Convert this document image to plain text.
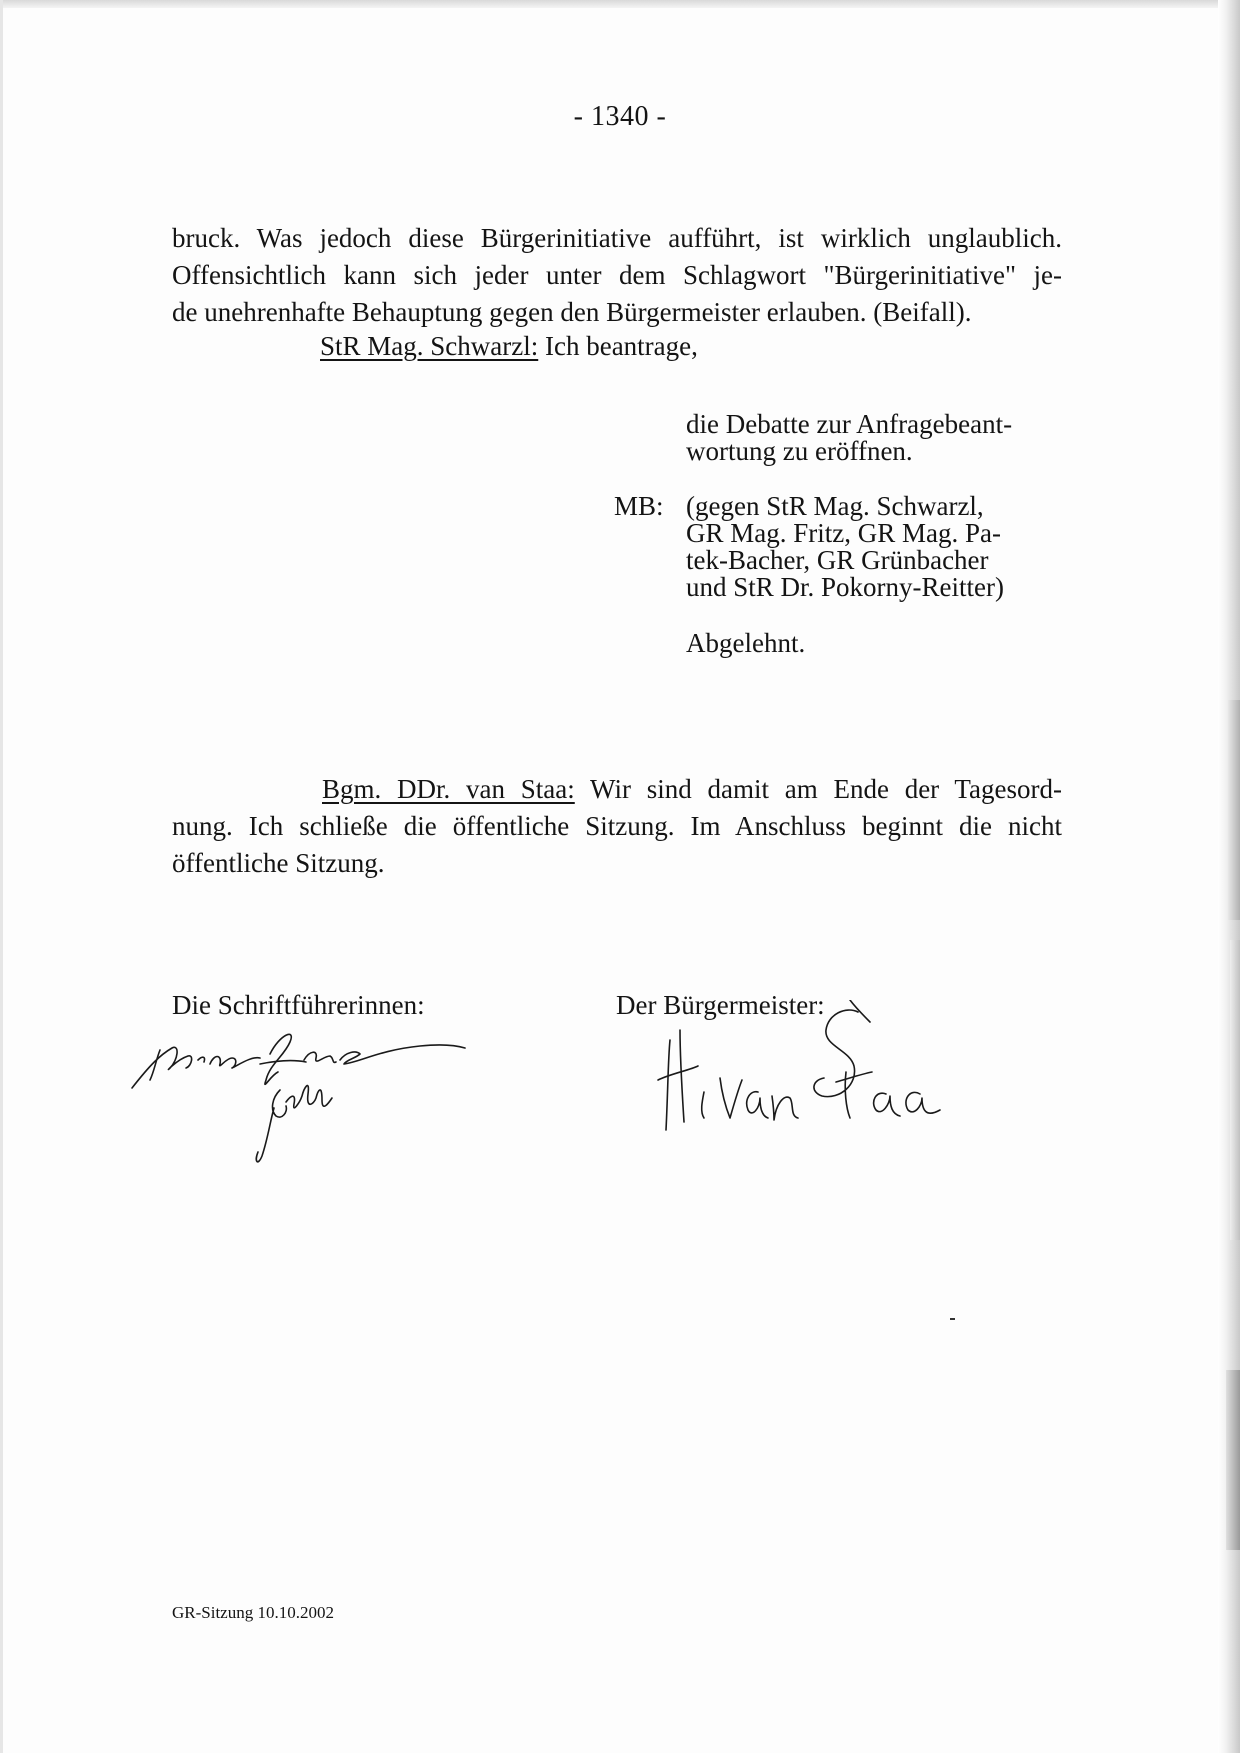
- 1340 -
bruck. Was jedoch diese Bürgerinitiative aufführt, ist wirklich unglaublich.
Offensichtlich kann sich jeder unter dem Schlagwort "Bürgerinitiative" je-
de unehrenhafte Behauptung gegen den Bürgermeister erlauben. (Beifall).
StR Mag. Schwarzl: Ich beantrage,
die Debatte zur Anfragebeant-
wortung zu eröffnen.
MB: (gegen StR Mag. Schwarzl,
GR Mag. Fritz, GR Mag. Pa-
tek-Bacher, GR Grünbacher
und StR Dr. Pokorny-Reitter)
Abgelehnt.
Bgm. DDr. van Staa: Wir sind damit am Ende der Tagesord-
nung. Ich schließe die öffentliche Sitzung. Im Anschluss beginnt die nicht
öffentliche Sitzung.
Die Schriftführerinnen:	Der Bürgermeister:
GR-Sitzung 10.10.2002
